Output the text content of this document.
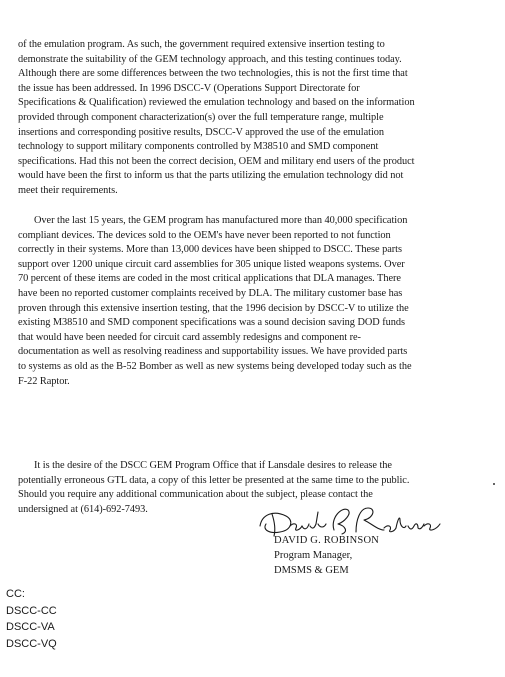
of the emulation program. As such, the government required extensive insertion testing to
demonstrate the suitability of the GEM technology approach, and this testing continues today.
Although there are some differences between the two technologies, this is not the first time that
the issue has been addressed. In 1996 DSCC-V (Operations Support Directorate for
Specifications & Qualification) reviewed the emulation technology and based on the information
provided through component characterization(s) over the full temperature range, multiple
insertions and corresponding positive results, DSCC-V approved the use of the emulation
technology to support military components controlled by M38510 and SMD component
specifications. Had this not been the correct decision, OEM and military end users of the product
would have been the first to inform us that the parts utilizing the emulation technology did not
meet their requirements.
Over the last 15 years, the GEM program has manufactured more than 40,000 specification
compliant devices. The devices sold to the OEM's have never been reported to not function
correctly in their systems. More than 13,000 devices have been shipped to DSCC. These parts
support over 1200 unique circuit card assemblies for 305 unique listed weapons systems. Over
70 percent of these items are coded in the most critical applications that DLA manages. There
have been no reported customer complaints received by DLA. The military customer base has
proven through this extensive insertion testing, that the 1996 decision by DSCC-V to utilize the
existing M38510 and SMD component specifications was a sound decision saving DOD funds
that would have been needed for circuit card assembly redesigns and component re-
documentation as well as resolving readiness and supportability issues. We have provided parts
to systems as old as the B-52 Bomber as well as new systems being developed today such as the
F-22 Raptor.
It is the desire of the DSCC GEM Program Office that if Lansdale desires to release the
potentially erroneous GTL data, a copy of this letter be presented at the same time to the public.
Should you require any additional communication about the subject, please contact the
undersigned at (614)-692-7493.
DAVID G. ROBINSON
Program Manager,
DMSMS & GEM
CC:
DSCC-CC
DSCC-VA
DSCC-VQ
